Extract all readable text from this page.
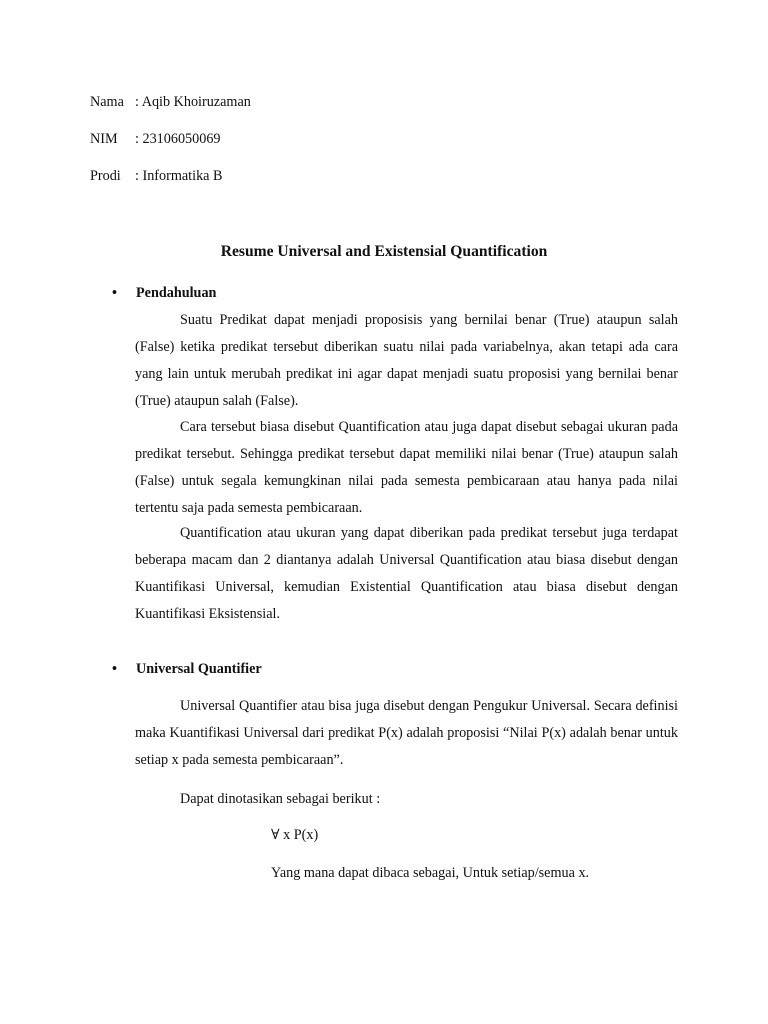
Nama : Aqib Khoiruzaman
NIM : 23106050069
Prodi : Informatika B
Resume Universal and Existensial Quantification
• Pendahuluan

Suatu Predikat dapat menjadi proposisis yang bernilai benar (True) ataupun salah (False) ketika predikat tersebut diberikan suatu nilai pada variabelnya, akan tetapi ada cara yang lain untuk merubah predikat ini agar dapat menjadi suatu proposisi yang bernilai benar (True) ataupun salah (False).

Cara tersebut biasa disebut Quantification atau juga dapat disebut sebagai ukuran pada predikat tersebut. Sehingga predikat tersebut dapat memiliki nilai benar (True) ataupun salah (False) untuk segala kemungkinan nilai pada semesta pembicaraan atau hanya pada nilai tertentu saja pada semesta pembicaraan.

Quantification atau ukuran yang dapat diberikan pada predikat tersebut juga terdapat beberapa macam dan 2 diantanya adalah Universal Quantification atau biasa disebut dengan Kuantifikasi Universal, kemudian Existential Quantification atau biasa disebut dengan Kuantifikasi Eksistensial.

• Universal Quantifier

Universal Quantifier atau bisa juga disebut dengan Pengukur Universal. Secara definisi maka Kuantifikasi Universal dari predikat P(x) adalah proposisi “Nilai P(x) adalah benar untuk setiap x pada semesta pembicaraan”.

Dapat dinotasikan sebagai berikut :
∀ x P(x)
Yang mana dapat dibaca sebagai, Untuk setiap/semua x.
